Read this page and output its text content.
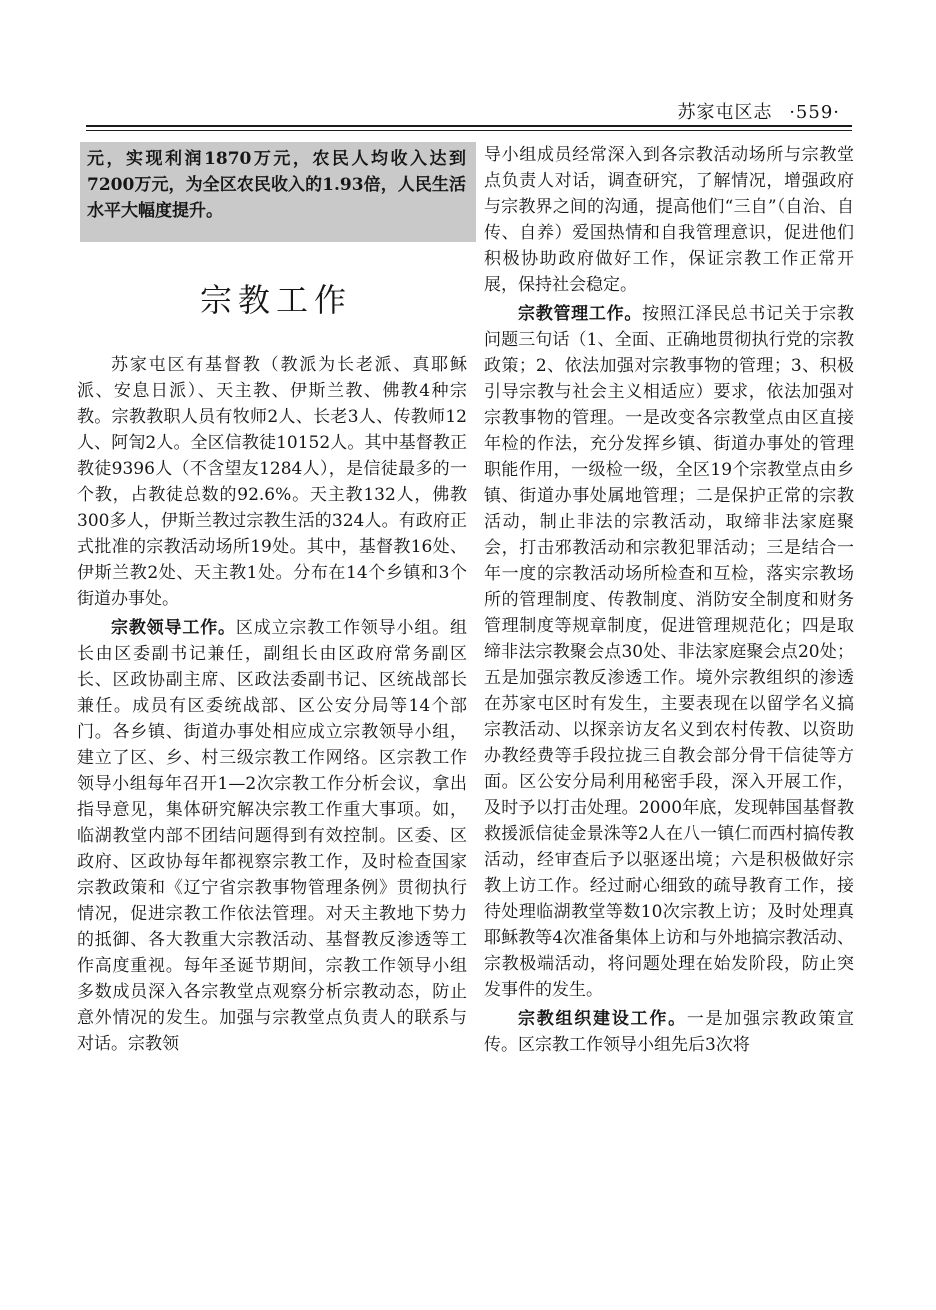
苏家屯区志 ·559·

元，实现利润1870万元，农民人均收入达到7200万元，为全区农民收入的1.93倍，人民生活水平大幅度提升。

宗教工作

苏家屯区有基督教（教派为长老派、真耶稣派、安息日派）、天主教、伊斯兰教、佛教4种宗教。宗教教职人员有牧师2人、长老3人、传教师12人、阿訇2人。全区信教徒10152人。其中基督教正教徒9396人（不含望友1284人），是信徒最多的一个教，占教徒总数的92.6%。天主教132人，佛教300多人，伊斯兰教过宗教生活的324人。有政府正式批准的宗教活动场所19处。其中，基督教16处、伊斯兰教2处、天主教1处。分布在14个乡镇和3个街道办事处。

宗教领导工作。区成立宗教工作领导小组。组长由区委副书记兼任，副组长由区政府常务副区长、区政协副主席、区政法委副书记、区统战部长兼任。成员有区委统战部、区公安分局等14个部门。各乡镇、街道办事处相应成立宗教领导小组，建立了区、乡、村三级宗教工作网络。区宗教工作领导小组每年召开1—2次宗教工作分析会议，拿出指导意见，集体研究解决宗教工作重大事项。如，临湖教堂内部不团结问题得到有效控制。区委、区政府、区政协每年都视察宗教工作，及时检查国家宗教政策和《辽宁省宗教事物管理条例》贯彻执行情况，促进宗教工作依法管理。对天主教地下势力的抵御、各大教重大宗教活动、基督教反渗透等工作高度重视。每年圣诞节期间，宗教工作领导小组多数成员深入各宗教堂点观察分析宗教动态，防止意外情况的发生。加强与宗教堂点负责人的联系与对话。宗教领

导小组成员经常深入到各宗教活动场所与宗教堂点负责人对话，调查研究，了解情况，增强政府与宗教界之间的沟通，提高他们“三自”（自治、自传、自养）爱国热情和自我管理意识，促进他们积极协助政府做好工作，保证宗教工作正常开展，保持社会稳定。

宗教管理工作。按照江泽民总书记关于宗教问题三句话（1、全面、正确地贯彻执行党的宗教政策；2、依法加强对宗教事物的管理；3、积极引导宗教与社会主义相适应）要求，依法加强对宗教事物的管理。一是改变各宗教堂点由区直接年检的作法，充分发挥乡镇、街道办事处的管理职能作用，一级检一级，全区19个宗教堂点由乡镇、街道办事处属地管理；二是保护正常的宗教活动，制止非法的宗教活动，取缔非法家庭聚会，打击邪教活动和宗教犯罪活动；三是结合一年一度的宗教活动场所检查和互检，落实宗教场所的管理制度、传教制度、消防安全制度和财务管理制度等规章制度，促进管理规范化；四是取缔非法宗教聚会点30处、非法家庭聚会点20处；五是加强宗教反渗透工作。境外宗教组织的渗透在苏家屯区时有发生，主要表现在以留学名义搞宗教活动、以探亲访友名义到农村传教、以资助办教经费等手段拉拢三自教会部分骨干信徒等方面。区公安分局利用秘密手段，深入开展工作，及时予以打击处理。2000年底，发现韩国基督教救援派信徒金景洙等2人在八一镇仁而西村搞传教活动，经审查后予以驱逐出境；六是积极做好宗教上访工作。经过耐心细致的疏导教育工作，接待处理临湖教堂等数10次宗教上访；及时处理真耶稣教等4次准备集体上访和与外地搞宗教活动、宗教极端活动，将问题处理在始发阶段，防止突发事件的发生。

宗教组织建设工作。一是加强宗教政策宣传。区宗教工作领导小组先后3次将
